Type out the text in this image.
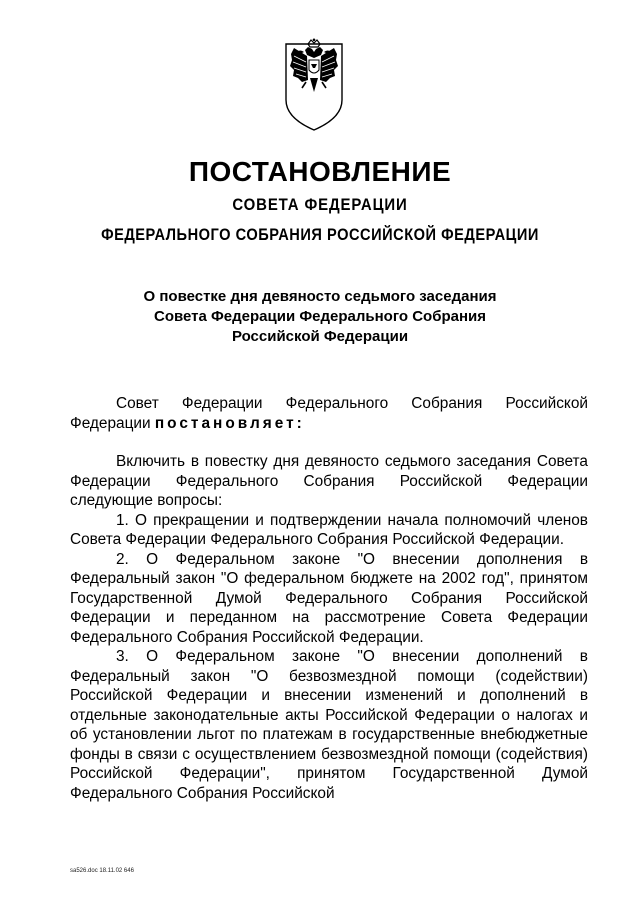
ПОСТАНОВЛЕНИЕ
СОВЕТА ФЕДЕРАЦИИ
ФЕДЕРАЛЬНОГО СОБРАНИЯ РОССИЙСКОЙ ФЕДЕРАЦИИ
О повестке дня девяносто седьмого заседания
Совета Федерации Федерального Собрания
Российской Федерации

Совет Федерации Федерального Собрания Российской Федерации постановляет:

Включить в повестку дня девяносто седьмого заседания Совета Федерации Федерального Собрания Российской Федерации следующие вопросы:

1. О прекращении и подтверждении начала полномочий членов Совета Федерации Федерального Собрания Российской Федерации.

2. О Федеральном законе "О внесении дополнения в Федеральный закон "О федеральном бюджете на 2002 год", принятом Государственной Думой Федерального Собрания Российской Федерации и переданном на рассмотрение Совета Федерации Федерального Собрания Российской Федерации.

3. О Федеральном законе "О внесении дополнений в Федеральный закон "О безвозмездной помощи (содействии) Российской Федерации и внесении изменений и дополнений в отдельные законодательные акты Российской Федерации о налогах и об установлении льгот по платежам в государственные внебюджетные фонды в связи с осуществлением безвозмездной помощи (содействия) Российской Федерации", принятом Государственной Думой Федерального Собрания Российской

sa526.doc 18.11.02 646
